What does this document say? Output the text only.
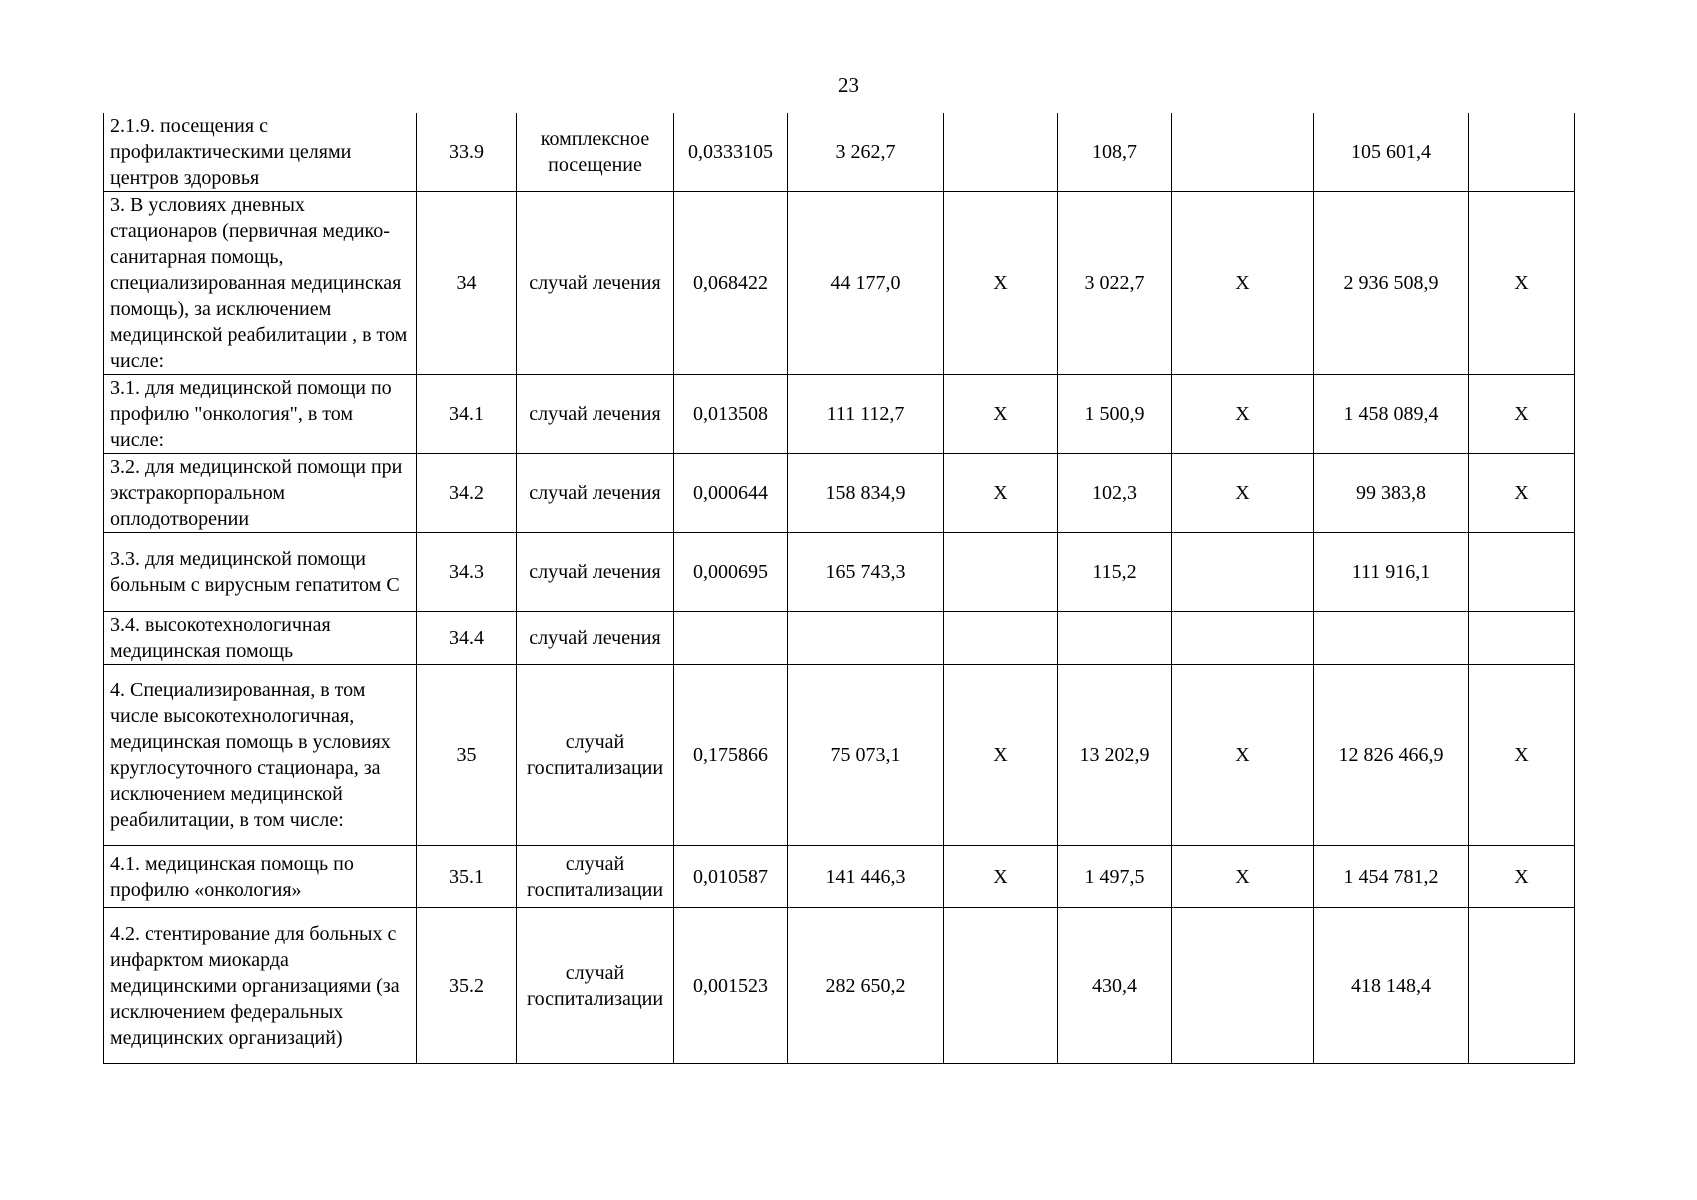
23
2.1.9. посещения с профилактическими целями центров здоровья	33.9	комплексное посещение	0,0333105	3 262,7		108,7		105 601,4	
3. В условиях дневных стационаров (первичная медико-санитарная помощь, специализированная медицинская помощь), за исключением медицинской реабилитации , в том числе:	34	случай лечения	0,068422	44 177,0	X	3 022,7	X	2 936 508,9	X
3.1. для медицинской помощи по профилю "онкология", в том числе:	34.1	случай лечения	0,013508	111 112,7	X	1 500,9	X	1 458 089,4	X
3.2. для медицинской помощи при экстракорпоральном оплодотворении	34.2	случай лечения	0,000644	158 834,9	X	102,3	X	99 383,8	X
3.3. для медицинской помощи больным с вирусным гепатитом С	34.3	случай лечения	0,000695	165 743,3		115,2		111 916,1	
3.4. высокотехнологичная медицинская помощь	34.4	случай лечения							
4. Специализированная, в том числе высокотехнологичная, медицинская помощь в условиях круглосуточного стационара, за исключением медицинской реабилитации, в том числе:	35	случай госпитализации	0,175866	75 073,1	X	13 202,9	X	12 826 466,9	X
4.1. медицинская помощь по профилю «онкология»	35.1	случай госпитализации	0,010587	141 446,3	X	1 497,5	X	1 454 781,2	X
4.2. стентирование для больных с инфарктом миокарда медицинскими организациями (за исключением федеральных медицинских организаций)	35.2	случай госпитализации	0,001523	282 650,2		430,4		418 148,4	
